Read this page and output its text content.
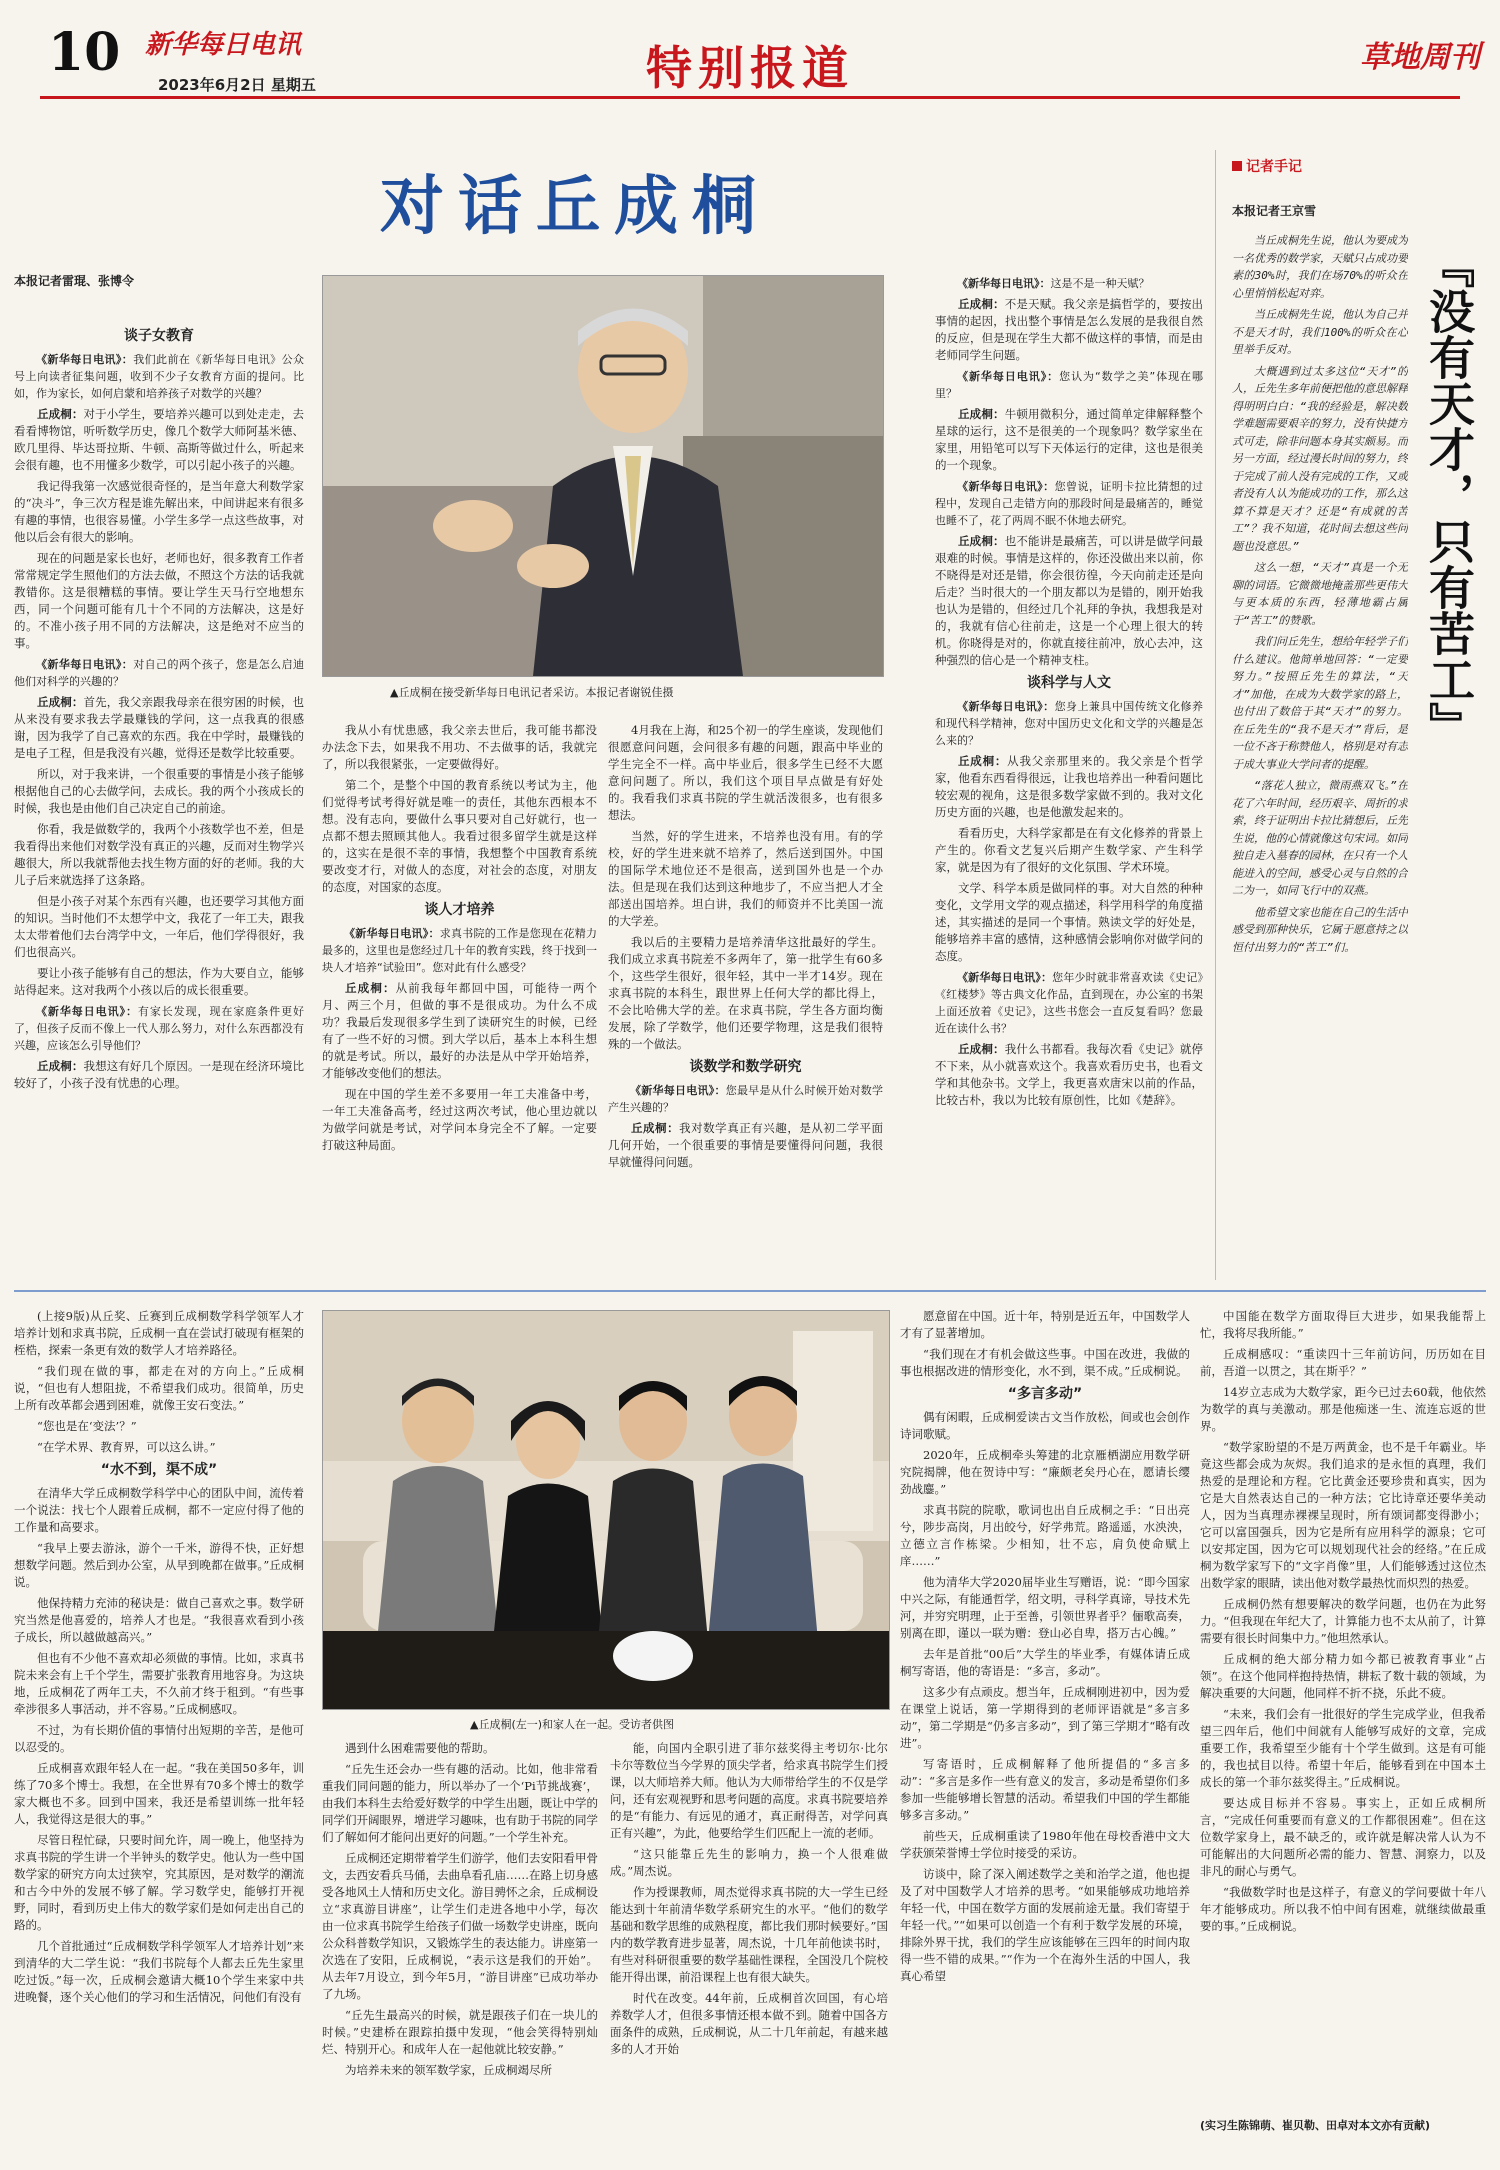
10 新华每日电讯
2023年6月2日 星期五	特别报道	草地周刊
对话丘成桐
本报记者雷琨、张博令
▲丘成桐在接受新华每日电讯记者采访。本报记者谢锐佳摄
谈子女教育

《新华每日电讯》：我们此前在《新华每日电讯》公众号上向读者征集问题，收到不少子女教育方面的提问。比如，作为家长，如何启蒙和培养孩子对数学的兴趣？

丘成桐：对于小学生，要培养兴趣可以到处走走，去看看博物馆，听听数学历史，像几个数学大师阿基米德、欧几里得、毕达哥拉斯、牛顿、高斯等做过什么，听起来会很有趣，也不用懂多少数学，可以引起小孩子的兴趣。

我记得我第一次感觉很奇怪的，是当年意大利数学家的“决斗”，争三次方程是谁先解出来，中间讲起来有很多有趣的事情，也很容易懂。小学生多学一点这些故事，对他以后会有很大的影响。

现在的问题是家长也好，老师也好，很多教育工作者常常规定学生照他们的方法去做，不照这个方法的话我就教错你。这是很糟糕的事情。要让学生天马行空地想东西，同一个问题可能有几十个不同的方法解决，这是好的。不准小孩子用不同的方法解决，这是绝对不应当的事。

《新华每日电讯》：对自己的两个孩子，您是怎么启迪他们对科学的兴趣的？

丘成桐：首先，我父亲跟我母亲在很穷困的时候，也从来没有要求我去学最赚钱的学问，这一点我真的很感谢，因为我学了自己喜欢的东西。我在中学时，最赚钱的是电子工程，但是我没有兴趣，觉得还是数学比较重要。

所以，对于我来讲，一个很重要的事情是小孩子能够根据他自己的心去做学问，去成长。我的两个小孩成长的时候，我也是由他们自己决定自己的前途。

你看，我是做数学的，我两个小孩数学也不差，但是我看得出来他们对数学没有真正的兴趣，反而对生物学兴趣很大，所以我就帮他去找生物方面的好的老师。我的大儿子后来就选择了这条路。

但是小孩子对某个东西有兴趣，也还要学习其他方面的知识。当时他们不太想学中文，我花了一年工夫，跟我太太带着他们去台湾学中文，一年后，他们学得很好，我们也很高兴。

要让小孩子能够有自己的想法，作为大要自立，能够站得起来。这对我两个小孩以后的成长很重要。

《新华每日电讯》：有家长发现，现在家庭条件更好了，但孩子反而不像上一代人那么努力，对什么东西都没有兴趣，应该怎么引导他们？

丘成桐：我想这有好几个原因。一是现在经济环境比较好了，小孩子没有忧患的心理。

我从小有忧患感，我父亲去世后，我可能书都没办法念下去，如果我不用功、不去做事的话，我就完了，所以我很紧张，一定要做得好。

第二个，是整个中国的教育系统以考试为主，他们觉得考试考得好就是唯一的责任，其他东西根本不想。没有志向，要做什么事只要对自己好就行，也一点都不想去照顾其他人。我看过很多留学生就是这样的，这实在是很不幸的事情，我想整个中国教育系统要改变才行，对做人的态度，对社会的态度，对朋友的态度，对国家的态度。

谈人才培养

《新华每日电讯》：求真书院的工作是您现在花精力最多的，这里也是您经过几十年的教育实践，终于找到一块人才培养“试验田”。您对此有什么感受？

丘成桐：从前我每年都回中国，可能待一两个月、两三个月，但做的事不是很成功。为什么不成功？我最后发现很多学生到了读研究生的时候，已经有了一些不好的习惯。到大学以后，基本上本科生想的就是考试。所以，最好的办法是从中学开始培养，才能够改变他们的想法。

现在中国的学生差不多要用一年工夫准备中考，一年工夫准备高考，经过这两次考试，他心里边就以为做学问就是考试，对学问本身完全不了解。一定要打破这种局面。

4月我在上海，和25个初一的学生座谈，发现他们很愿意问问题，会问很多有趣的问题，跟高中毕业的学生完全不一样。高中毕业后，很多学生已经不大愿意问问题了。所以，我们这个项目早点做是有好处的。我看我们求真书院的学生就活泼很多，也有很多想法。

当然，好的学生进来，不培养也没有用。有的学校，好的学生进来就不培养了，然后送到国外。中国的国际学术地位还不是很高，送到国外也是一个办法。但是现在我们达到这种地步了，不应当把人才全部送出国培养。坦白讲，我们的师资并不比美国一流的大学差。

我以后的主要精力是培养清华这批最好的学生。我们成立求真书院差不多两年了，第一批学生有60多个，这些学生很好，很年轻，其中一半才14岁。现在求真书院的本科生，跟世界上任何大学的都比得上，不会比哈佛大学的差。在求真书院，学生各方面均衡发展，除了学数学，他们还要学物理，这是我们很特殊的一个做法。

谈数学和数学研究

《新华每日电讯》：您最早是从什么时候开始对数学产生兴趣的？

丘成桐：我对数学真正有兴趣，是从初二学平面几何开始，一个很重要的事情是要懂得问问题，我很早就懂得问问题。

《新华每日电讯》：这是不是一种天赋？

丘成桐：不是天赋。我父亲是搞哲学的，要按出事情的起因，找出整个事情是怎么发展的是我很自然的反应，但是现在学生大都不做这样的事情，而是由老师同学生问题。

《新华每日电讯》：您认为“数学之美”体现在哪里？

丘成桐：牛顿用微积分，通过简单定律解释整个星球的运行，这不是很美的一个现象吗？数学家坐在家里，用铅笔可以写下天体运行的定律，这也是很美的一个现象。

《新华每日电讯》：您曾说，证明卡拉比猜想的过程中，发现自己走错方向的那段时间是最痛苦的，睡觉也睡不了，花了两周不眠不休地去研究。

丘成桐：也不能讲是最痛苦，可以讲是做学问最艰难的时候。事情是这样的，你还没做出来以前，你不晓得是对还是错，你会很彷徨，今天向前走还是向后走？当时很大的一个朋友都以为是错的，刚开始我也认为是错的，但经过几个礼拜的争执，我想我是对的，我就有信心往前走，这是一个心理上很大的转机。你晓得是对的，你就直接往前冲，放心去冲，这种强烈的信心是一个精神支柱。

谈科学与人文

《新华每日电讯》：您身上兼具中国传统文化修养和现代科学精神，您对中国历史文化和文学的兴趣是怎么来的？

丘成桐：从我父亲那里来的。我父亲是个哲学家，他看东西看得很远，让我也培养出一种看问题比较宏观的视角，这是很多数学家做不到的。我对文化历史方面的兴趣，也是他激发起来的。

看看历史，大科学家都是在有文化修养的背景上产生的。你看文艺复兴后期产生数学家、产生科学家，就是因为有了很好的文化氛围、学术环境。

文学、科学本质是做同样的事。对大自然的种种变化，文学用文学的观点描述，科学用科学的角度描述，其实描述的是同一个事情。熟读文学的好处是，能够培养丰富的感情，这种感情会影响你对做学问的态度。

《新华每日电讯》：您年少时就非常喜欢读《史记》《红楼梦》等古典文化作品，直到现在，办公室的书架上面还放着《史记》，这些书您会一直反复看吗？您最近在读什么书？

丘成桐：我什么书都看。我每次看《史记》就停不下来，从小就喜欢这个。我喜欢看历史书，也看文学和其他杂书。文学上，我更喜欢唐宋以前的作品，比较古朴，我以为比较有原创性，比如《楚辞》。

记者手记
本报记者王京雪

当丘成桐先生说，他认为要成为一名优秀的数学家，天赋只占成功要素的30%时，我们在场70%的听众在心里悄悄松起对弈。

当丘成桐先生说，他认为自己并不是天才时，我们100%的听众在心里举手反对。

大概遇到过太多这位“天才”的人，丘先生多年前便把他的意思解释得明明白白：“我的经验是，解决数学难题需要艰辛的努力，没有快捷方式可走，除非问题本身其实颇易。而另一方面，经过漫长时间的努力，终于完成了前人没有完成的工作，又或者没有人认为能成功的工作，那么这算不算是天才？还是“有成就的苦工”？我不知道，花时间去想这些问题也没意思。”

这么一想，“天才”真是一个无聊的词语。它微微地掩盖那些更伟大与更本质的东西，轻薄地霸占属于“苦工”的赞歌。

我们问丘先生，想给年轻学子们什么建议。他简单地回答：“一定要努力。”按照丘先生的算法，“天才”加他，在成为大数学家的路上，也付出了数倍于其“天才”的努力。在丘先生的“我不是天才”背后，是一位不吝于称赞他人，格别是对有志于成大事业大学问者的提醒。

“落花人独立，微雨燕双飞。”在花了六年时间，经历艰辛、周折的求索，终于证明出卡拉比猜想后，丘先生说，他的心情就像这句宋词。如同独自走入墓春的园林，在只有一个人能进入的空间，感受心灵与自然的合二为一，如同飞行中的双燕。

他希望文家也能在自己的生活中感受到那种快乐，它属于愿意持之以恒付出努力的“苦工”们。

『没有天才，只有苦工』

(上接9版)从丘奖、丘赛到丘成桐数学科学领军人才培养计划和求真书院，丘成桐一直在尝试打破现有框架的桎梏，探索一条更有效的数学人才培养路径。

“我们现在做的事，都走在对的方向上。”丘成桐说，“但也有人想阻拢，不希望我们成功。很简单，历史上所有改革都会遇到困难，就像王安石变法。”

“您也是在‘变法’？”

“在学术界、教育界，可以这么讲。”

“水不到，渠不成”

在清华大学丘成桐数学科学中心的团队中间，流传着一个说法：找七个人跟着丘成桐，都不一定应付得了他的工作量和高要求。

“我早上要去游泳，游个一千米，游得不快，正好想想数学问题。然后到办公室，从早到晚都在做事。”丘成桐说。

他保持精力充沛的秘诀是：做自己喜欢之事。数学研究当然是他喜爱的，培养人才也是。“我很喜欢看到小孩子成长，所以越做越高兴。”

但也有不少他不喜欢却必须做的事情。比如，求真书院未来会有上千个学生，需要扩张教育用地容身。为这块地，丘成桐花了两年工夫，不久前才终于租到。“有些事牵涉很多人事活动，并不容易。”丘成桐感叹。

不过，为有长期价值的事情付出短期的辛苦，是他可以忍受的。

丘成桐喜欢跟年轻人在一起。“我在美国50多年，训练了70多个博士。我想，在全世界有70多个博士的数学家大概也不多。回到中国来，我还是希望训练一批年轻人，我觉得这是很大的事。”

尽管日程忙碌，只要时间允许，周一晚上，他坚持为求真书院的学生讲一个半钟头的数学史。他认为一些中国数学家的研究方向太过狭窄，究其原因，是对数学的潮流和古今中外的发展不够了解。学习数学史，能够打开视野，同时，看到历史上伟大的数学家们是如何走出自己的路的。

几个首批通过“丘成桐数学科学领军人才培养计划”来到清华的大二学生说：“我们书院每个人都去丘先生家里吃过饭。”每一次，丘成桐会邀请大概10个学生来家中共进晚餐，逐个关心他们的学习和生活情况，问他们有没有

▲丘成桐(左一)和家人在一起。受访者供图

遇到什么困难需要他的帮助。

“丘先生还会办一些有趣的活动。比如，他非常看重我们同问题的能力，所以举办了一个‘Pi节挑战赛’，由我们本科生去给爱好数学的中学生出题，既让中学的同学们开阔眼界，增进学习趣味，也有助于书院的同学们了解如何才能问出更好的问题。”一个学生补充。

丘成桐还定期带着学生们游学，他们去安阳看甲骨文，去西安看兵马俑，去曲阜看孔庙……在路上切身感受各地风土人情和历史文化。游目骋怀之余，丘成桐设立“求真游目讲座”，让学生们走进各地中小学，每次由一位求真书院学生给孩子们做一场数学史讲座，既向公众科普数学知识，又锻炼学生的表达能力。讲座第一次选在了安阳，丘成桐说，“表示这是我们的开始”。从去年7月设立，到今年5月，“游目讲座”已成功举办了九场。

“丘先生最高兴的时候，就是跟孩子们在一块儿的时候。”史建桥在跟踪拍摄中发现，“他会笑得特别灿烂、特别开心。和成年人在一起他就比较安静。”

为培养未来的领军数学家，丘成桐竭尽所

能，向国内全职引进了菲尔兹奖得主考切尔·比尔卡尔等数位当今学界的顶尖学者，给求真书院学生们授课，以大师培养大师。他认为大师带给学生的不仅是学问，还有宏观视野和思考问题的高度。求真书院要培养的是“有能力、有远见的通才，真正耐得苦，对学问真正有兴趣”，为此，他要给学生们匹配上一流的老师。

“这只能靠丘先生的影响力，换一个人很难做成。”周杰说。

作为授课教师，周杰觉得求真书院的大一学生已经能达到十年前清华数学系研究生的水平。“他们的数学基础和数学思维的成熟程度，都比我们那时候要好。”国内的数学教育进步显著，周杰说，十几年前他读书时，有些对科研很重要的数学基础性课程，全国没几个院校能开得出课，前沿课程上也有很大缺失。

时代在改变。44年前，丘成桐首次回国，有心培养数学人才，但很多事情还根本做不到。随着中国各方面条件的成熟，丘成桐说，从二十几年前起，有越来越多的人才开始

愿意留在中国。近十年，特别是近五年，中国数学人才有了显著增加。

“我们现在才有机会做这些事。中国在改进，我做的事也根据改进的情形变化，水不到，渠不成。”丘成桐说。

“多言多动”

偶有闲暇，丘成桐爱读古文当作放松，间或也会创作诗词歌赋。

2020年，丘成桐牵头筹建的北京雁栖湖应用数学研究院揭牌，他在贺诗中写：“廉颇老矣丹心在，愿请长缨劲战鏖。”

求真书院的院歌，歌词也出自丘成桐之手：“日出亮兮，陟步高岗，月出皎兮，好学弗荒。路遥遥，水泱泱，立德立言作栋梁。少相知，壮不忘，肩负使命赋上庠……”

他为清华大学2020届毕业生写赠语，说：“即今国家中兴之际，有能通哲学，绍文明，寻科学真谛，导技术先河，并穷究明理，止于至善，引领世界者乎？俪歌高奏，别离在即，谨以一联为赠：登山必自卑，搭万古心魄。”

去年是首批“00后”大学生的毕业季，有媒体请丘成桐写寄语，他的寄语是：“多言，多动”。

这多少有点顽皮。想当年，丘成桐刚进初中，因为爱在课堂上说话，第一学期得到的老师评语就是“多言多动”，第二学期是“仍多言多动”，到了第三学期才“略有改进”。

写寄语时，丘成桐解释了他所提倡的“多言多动”：“多言是多作一些有意义的发言，多动是希望你们多参加一些能够增长智慧的活动。希望我们中国的学生都能够多言多动。”

前些天，丘成桐重读了1980年他在母校香港中文大学获颁荣誉博士学位时接受的采访。

访谈中，除了深入阐述数学之美和治学之道，他也提及了对中国数学人才培养的思考。“如果能够成功地培养年轻一代，中国在数学方面的发展前途无量。我们寄望于年轻一代。”“如果可以创造一个有利于数学发展的环境，排除外界干扰，我们的学生应该能够在三四年的时间内取得一些不错的成果。”“作为一个在海外生活的中国人，我真心希望

中国能在数学方面取得巨大进步，如果我能帮上忙，我将尽我所能。”

丘成桐感叹：“重读四十三年前访问，历历如在目前，吾道一以贯之，其在斯乎？”

14岁立志成为大数学家，距今已过去60载，他依然为数学的真与美激动。那是他痴迷一生、流连忘返的世界。

“数学家盼望的不是万两黄金，也不是千年霸业。毕竟这些都会成为灰烬。我们追求的是永恒的真理，我们热爱的是理论和方程。它比黄金还要珍贵和真实，因为它是大自然表达自己的一种方法；它比诗章还要华美动人，因为当真理赤裸裸呈现时，所有颂词都变得渺小；它可以富国强兵，因为它是所有应用科学的源泉；它可以安邦定国，因为它可以规划现代社会的经络。”在丘成桐为数学家写下的“文字肖像”里，人们能够透过这位杰出数学家的眼睛，读出他对数学最热忱而炽烈的热爱。

丘成桐仍然有想要解决的数学问题，也仍在为此努力。“但我现在年纪大了，计算能力也不太从前了，计算需要有很长时间集中力。”他坦然承认。

丘成桐的绝大部分精力如今都已被教育事业“占领”。在这个他同样抱持热情，耕耘了数十载的领域，为解决重要的大问题，他同样不折不挠，乐此不疲。

“未来，我们会有一批很好的学生完成学业，但我希望三四年后，他们中间就有人能够写成好的文章，完成重要工作，我希望至少能有十个学生做到。这是有可能的，我也拭目以待。希望十年后，能够看到在中国本土成长的第一个菲尔兹奖得主。”丘成桐说。

要达成目标并不容易。事实上，正如丘成桐所言，“完成任何重要而有意义的工作都很困难”。但在这位数学家身上，最不缺乏的，或许就是解决常人认为不可能解出的大问题所必需的能力、智慧、洞察力，以及非凡的耐心与勇气。

“我做数学时也是这样子，有意义的学问要做十年八年才能够成功。所以我不怕中间有困难，就继续做最重要的事。”丘成桐说。

(实习生陈锦萌、崔贝勒、田卓对本文亦有贡献)
